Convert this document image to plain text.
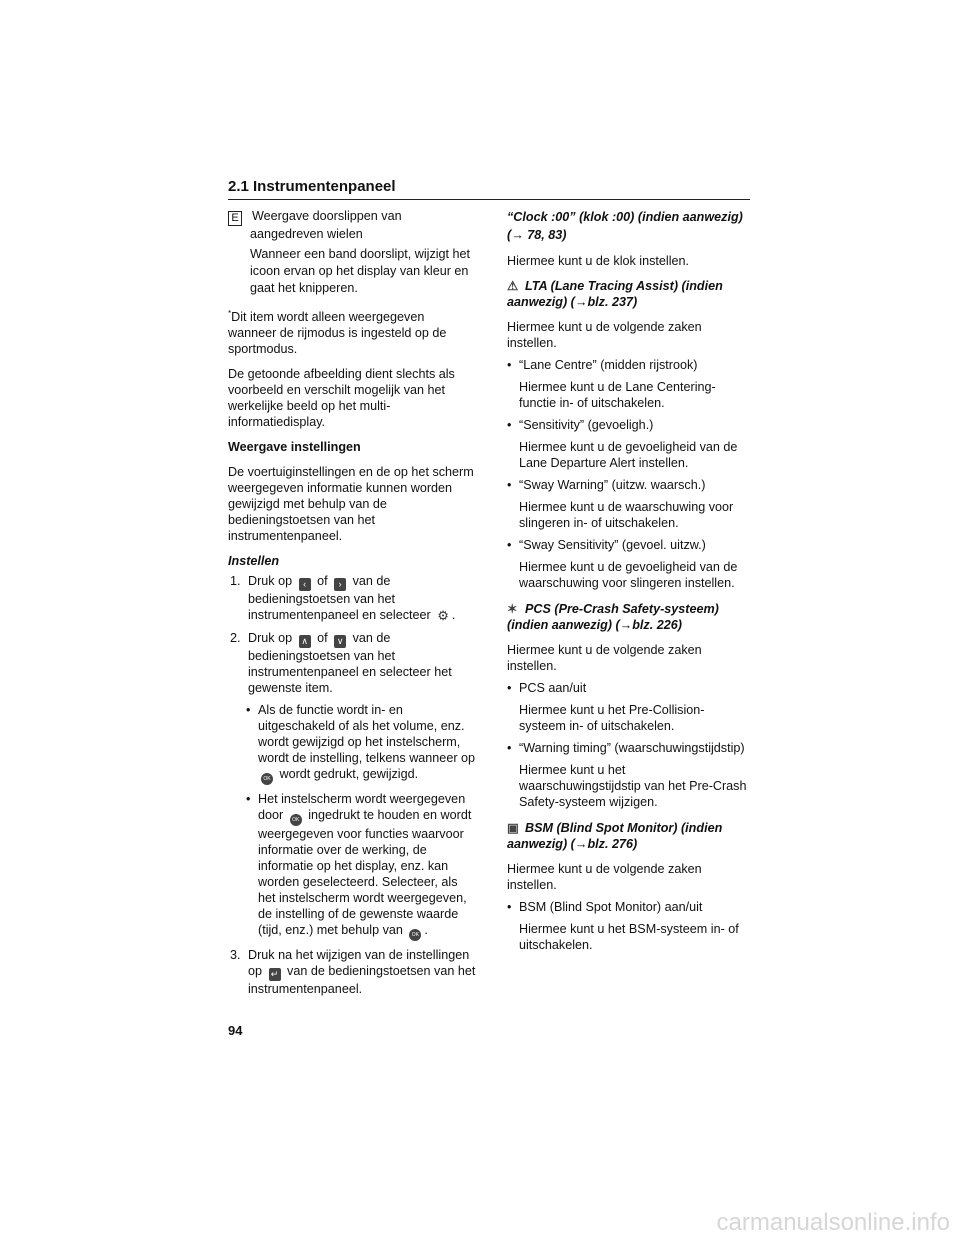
2.1 Instrumentenpaneel

E Weergave doorslippen van

aangedreven wielen

Wanneer een band doorslipt, wijzigt het icoon ervan op het display van kleur en gaat het knipperen.

*Dit item wordt alleen weergegeven wanneer de rijmodus is ingesteld op de sportmodus.

De getoonde afbeelding dient slechts als voorbeeld en verschilt mogelijk van het werkelijke beeld op het multi-informatiedisplay.

Weergave instellingen

De voertuiginstellingen en de op het scherm weergegeven informatie kunnen worden gewijzigd met behulp van de bedieningstoetsen van het instrumentenpaneel.

Instellen

1. Druk op ‹ of › van de bedieningstoetsen van het instrumentenpaneel en selecteer ⚙ .
2. Druk op ∧ of ∨ van de bedieningstoetsen van het instrumentenpaneel en selecteer het gewenste item.
• Als de functie wordt in- en uitgeschakeld of als het volume, enz. wordt gewijzigd op het instelscherm, wordt de instelling, telkens wanneer op OK wordt gedrukt, gewijzigd.
• Het instelscherm wordt weergegeven door OK ingedrukt te houden en wordt weergegeven voor functies waarvoor informatie over de werking, de informatie op het display, enz. kan worden geselecteerd. Selecteer, als het instelscherm wordt weergegeven, de instelling of de gewenste waarde (tijd, enz.) met behulp van OK .
3. Druk na het wijzigen van de instellingen op ↵ van de bedieningstoetsen van het instrumentenpaneel.

“Clock :00” (klok :00) (indien aanwezig) (→ 78, 83)

Hiermee kunt u de klok instellen.

⚠ LTA (Lane Tracing Assist) (indien aanwezig) (→blz. 237)

Hiermee kunt u de volgende zaken instellen.

• “Lane Centre” (midden rijstrook)
Hiermee kunt u de Lane Centering-functie in- of uitschakelen.
• “Sensitivity” (gevoeligh.)
Hiermee kunt u de gevoeligheid van de Lane Departure Alert instellen.
• “Sway Warning” (uitzw. waarsch.)
Hiermee kunt u de waarschuwing voor slingeren in- of uitschakelen.
• “Sway Sensitivity” (gevoel. uitzw.)
Hiermee kunt u de gevoeligheid van de waarschuwing voor slingeren instellen.

✶ PCS (Pre-Crash Safety-systeem) (indien aanwezig) (→blz. 226)

Hiermee kunt u de volgende zaken instellen.

• PCS aan/uit
Hiermee kunt u het Pre-Collision-systeem in- of uitschakelen.
• “Warning timing” (waarschuwingstijdstip)
Hiermee kunt u het waarschuwingstijdstip van het Pre-Crash Safety-systeem wijzigen.

▣ BSM (Blind Spot Monitor) (indien aanwezig) (→blz. 276)

Hiermee kunt u de volgende zaken instellen.

• BSM (Blind Spot Monitor) aan/uit
Hiermee kunt u het BSM-systeem in- of uitschakelen.
94
carmanualsonline.info
